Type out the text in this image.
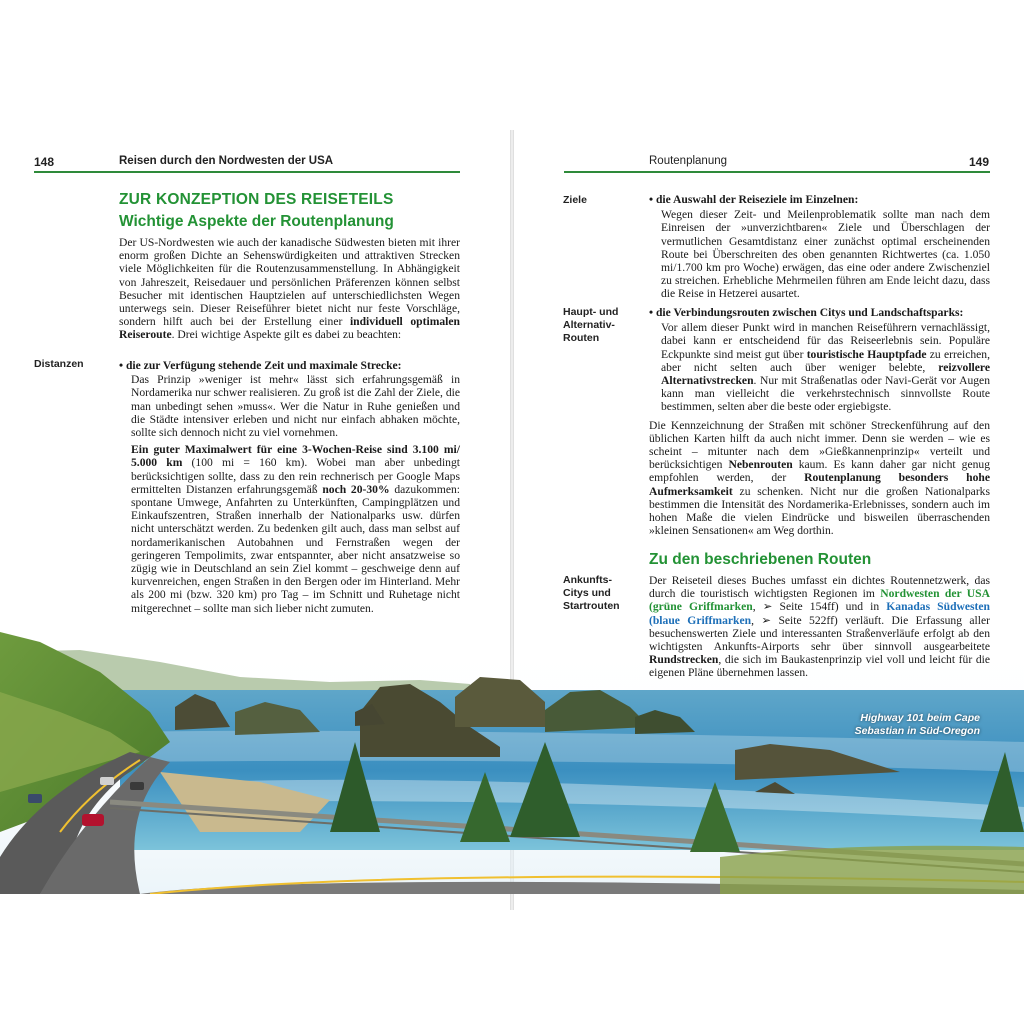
148	Reisen durch den Nordwesten der USA
ZUR KONZEPTION DES REISETEILS
Wichtige Aspekte der Routenplanung

Der US-Nordwesten wie auch der kanadische Südwesten bieten mit ihrer enorm großen Dichte an Sehenswürdigkeiten und attraktiven Strecken viele Möglichkeiten für die Routenzusammenstellung. In Abhängigkeit von Jahreszeit, Reisedauer und persönlichen Präferenzen können selbst Besucher mit identischen Hauptzielen auf unterschiedlichsten Wegen unterwegs sein. Dieser Reiseführer bietet nicht nur feste Vorschläge, sondern hilft auch bei der Erstellung einer individuell optimalen Reiseroute. Drei wichtige Aspekte gilt es dabei zu beachten:

Distanzen	• die zur Verfügung stehende Zeit und maximale Strecke:

Das Prinzip »weniger ist mehr« lässt sich erfahrungsgemäß in Nordamerika nur schwer realisieren. Zu groß ist die Zahl der Ziele, die man unbedingt sehen »muss«. Wer die Natur in Ruhe genießen und die Städte intensiver erleben und nicht nur einfach abhaken möchte, sollte sich dennoch nicht zu viel vornehmen.

Ein guter Maximalwert für eine 3-Wochen-Reise sind 3.100 mi/ 5.000 km (100 mi = 160 km). Wobei man aber unbedingt berücksichtigen sollte, dass zu den rein rechnerisch per Google Maps ermittelten Distanzen erfahrungsgemäß noch 20-30% dazukommen: spontane Umwege, Anfahrten zu Unterkünften, Campingplätzen und Einkaufszentren, Straßen innerhalb der Nationalparks usw. dürfen nicht unterschätzt werden. Zu bedenken gilt auch, dass man selbst auf nordamerikanischen Autobahnen und Fernstraßen wegen der geringeren Tempolimits, zwar entspannter, aber nicht ansatzweise so zügig wie in Deutschland an sein Ziel kommt – geschweige denn auf kurvenreichen, engen Straßen in den Bergen oder im Hinterland. Mehr als 200 mi (bzw. 320 km) pro Tag – im Schnitt und Ruhetage nicht mitgerechnet – sollte man sich lieber nicht zumuten.

Routenplanung	149
Ziele	• die Auswahl der Reiseziele im Einzelnen:

Wegen dieser Zeit- und Meilenproblematik sollte man nach dem Einreisen der »unverzichtbaren« Ziele und Überschlagen der vermutlichen Gesamtdistanz einer zunächst optimal erscheinenden Route bei Überschreiten des oben genannten Richtwertes (ca. 1.050 mi/1.700 km pro Woche) erwägen, das eine oder andere Zwischenziel zu streichen. Erhebliche Mehrmeilen führen am Ende leicht dazu, dass die Reise in Hetzerei ausartet.

Haupt- und
Alternativ-
Routen

• die Verbindungsrouten zwischen Citys und Landschaftsparks:

Vor allem dieser Punkt wird in manchen Reiseführern vernachlässigt, dabei kann er entscheidend für das Reiseerlebnis sein. Populäre Eckpunkte sind meist gut über touristische Hauptpfade zu erreichen, aber nicht selten auch über weniger belebte, reizvollere Alternativstrecken. Nur mit Straßenatlas oder Navi-Gerät vor Augen kann man vielleicht die verkehrstechnisch sinnvollste Route bestimmen, selten aber die beste oder ergiebigste.

Die Kennzeichnung der Straßen mit schöner Streckenführung auf den üblichen Karten hilft da auch nicht immer. Denn sie werden – wie es scheint – mitunter nach dem »Gießkannenprinzip« verteilt und berücksichtigen Nebenrouten kaum. Es kann daher gar nicht genug empfohlen werden, der Routenplanung besonders hohe Aufmerksamkeit zu schenken. Nicht nur die großen Nationalparks bestimmen die Intensität des Nordamerika-Erlebnisses, sondern auch im hohen Maße die vielen Eindrücke und bisweilen überraschenden »kleinen Sensationen« am Weg dorthin.

Zu den beschriebenen Routen
Ankunfts-
Citys und
Startrouten

Der Reiseteil dieses Buches umfasst ein dichtes Routennetzwerk, das durch die touristisch wichtigsten Regionen im Nordwesten der USA (grüne Griffmarken, ➢ Seite 154ff) und in Kanadas Südwesten (blaue Griffmarken, ➢ Seite 522ff) verläuft. Die Erfassung aller besuchenswerten Ziele und interessanten Straßenverläufe erfolgt ab den wichtigsten Ankunfts-Airports sehr über sinnvoll ausgearbeitete Rundstrecken, die sich im Baukastenprinzip viel voll und leicht für die eigenen Pläne übernehmen lassen.

Highway 101 beim Cape
Sebastian in Süd-Oregon
